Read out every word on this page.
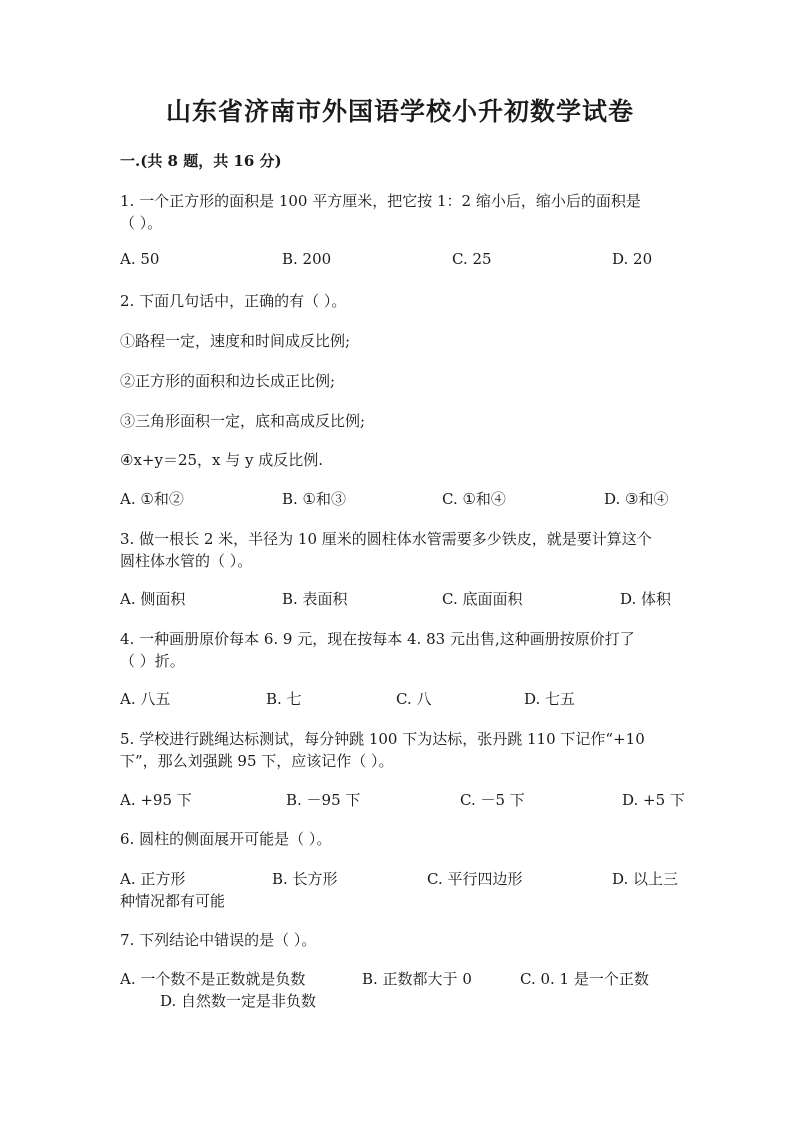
山东省济南市外国语学校小升初数学试卷
一.(共 8 题，共 16 分)
1. 一个正方形的面积是 100 平方厘米，把它按 1：2 缩小后，缩小后的面积是
（ ）。
A. 50	B. 200	C. 25	D. 20
2. 下面几句话中，正确的有（ ）。
①路程一定，速度和时间成反比例;
②正方形的面积和边长成正比例;
③三角形面积一定，底和高成反比例;
④x+y＝25，x 与 y 成反比例.
A. ①和②	B. ①和③	C. ①和④	D. ③和④
3. 做一根长 2 米，半径为 10 厘米的圆柱体水管需要多少铁皮，就是要计算这个
圆柱体水管的（ ）。
A. 侧面积	B. 表面积	C. 底面面积	D. 体积
4. 一种画册原价每本 6. 9 元，现在按每本 4. 83 元出售,这种画册按原价打了
（ ）折。
A. 八五	B. 七	C. 八	D. 七五
5. 学校进行跳绳达标测试，每分钟跳 100 下为达标，张丹跳 110 下记作“+10
下”，那么刘强跳 95 下，应该记作（ ）。
A. +95 下	B. －95 下	C. －5 下	D. +5 下
6. 圆柱的侧面展开可能是（ ）。
A. 正方形	B. 长方形	C. 平行四边形	D. 以上三
种情况都有可能
7. 下列结论中错误的是（ ）。
A. 一个数不是正数就是负数	B. 正数都大于 0	C. 0. 1 是一个正数
D. 自然数一定是非负数
